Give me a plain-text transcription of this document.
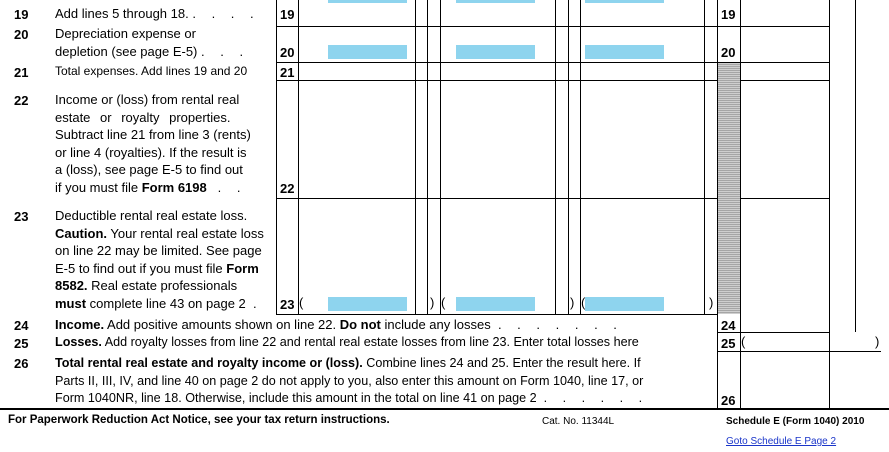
19 Add lines 5 through 18. . . . . 19	19
20 Depreciation expense or
depletion (see page E-5) . . . 20	20
21 Total expenses. Add lines 19 and 20	21
22 Income or (loss) from rental real
estate or royalty properties.
Subtract line 21 from line 3 (rents)
or line 4 (royalties). If the result is
a (loss), see page E-5 to find out
if you must file Form 6198 . .	22
23 Deductible rental real estate loss.
Caution. Your rental real estate loss
on line 22 may be limited. See page
E-5 to find out if you must file Form
8582. Real estate professionals
must complete line 43 on page 2 . 23 (	) (	) (	)
24 Income. Add positive amounts shown on line 22. Do not include any losses . . . . . . .	24
25 Losses. Add royalty losses from line 22 and rental real estate losses from line 23. Enter total losses here	25 (	)
26 Total rental real estate and royalty income or (loss). Combine lines 24 and 25. Enter the result here. If
Parts II, III, IV, and line 40 on page 2 do not apply to you, also enter this amount on Form 1040, line 17, or
Form 1040NR, line 18. Otherwise, include this amount in the total on line 41 on page 2 . . . . . .	26
For Paperwork Reduction Act Notice, see your tax return instructions.	Cat. No. 11344L	Schedule E (Form 1040) 2010
Goto Schedule E Page 2
